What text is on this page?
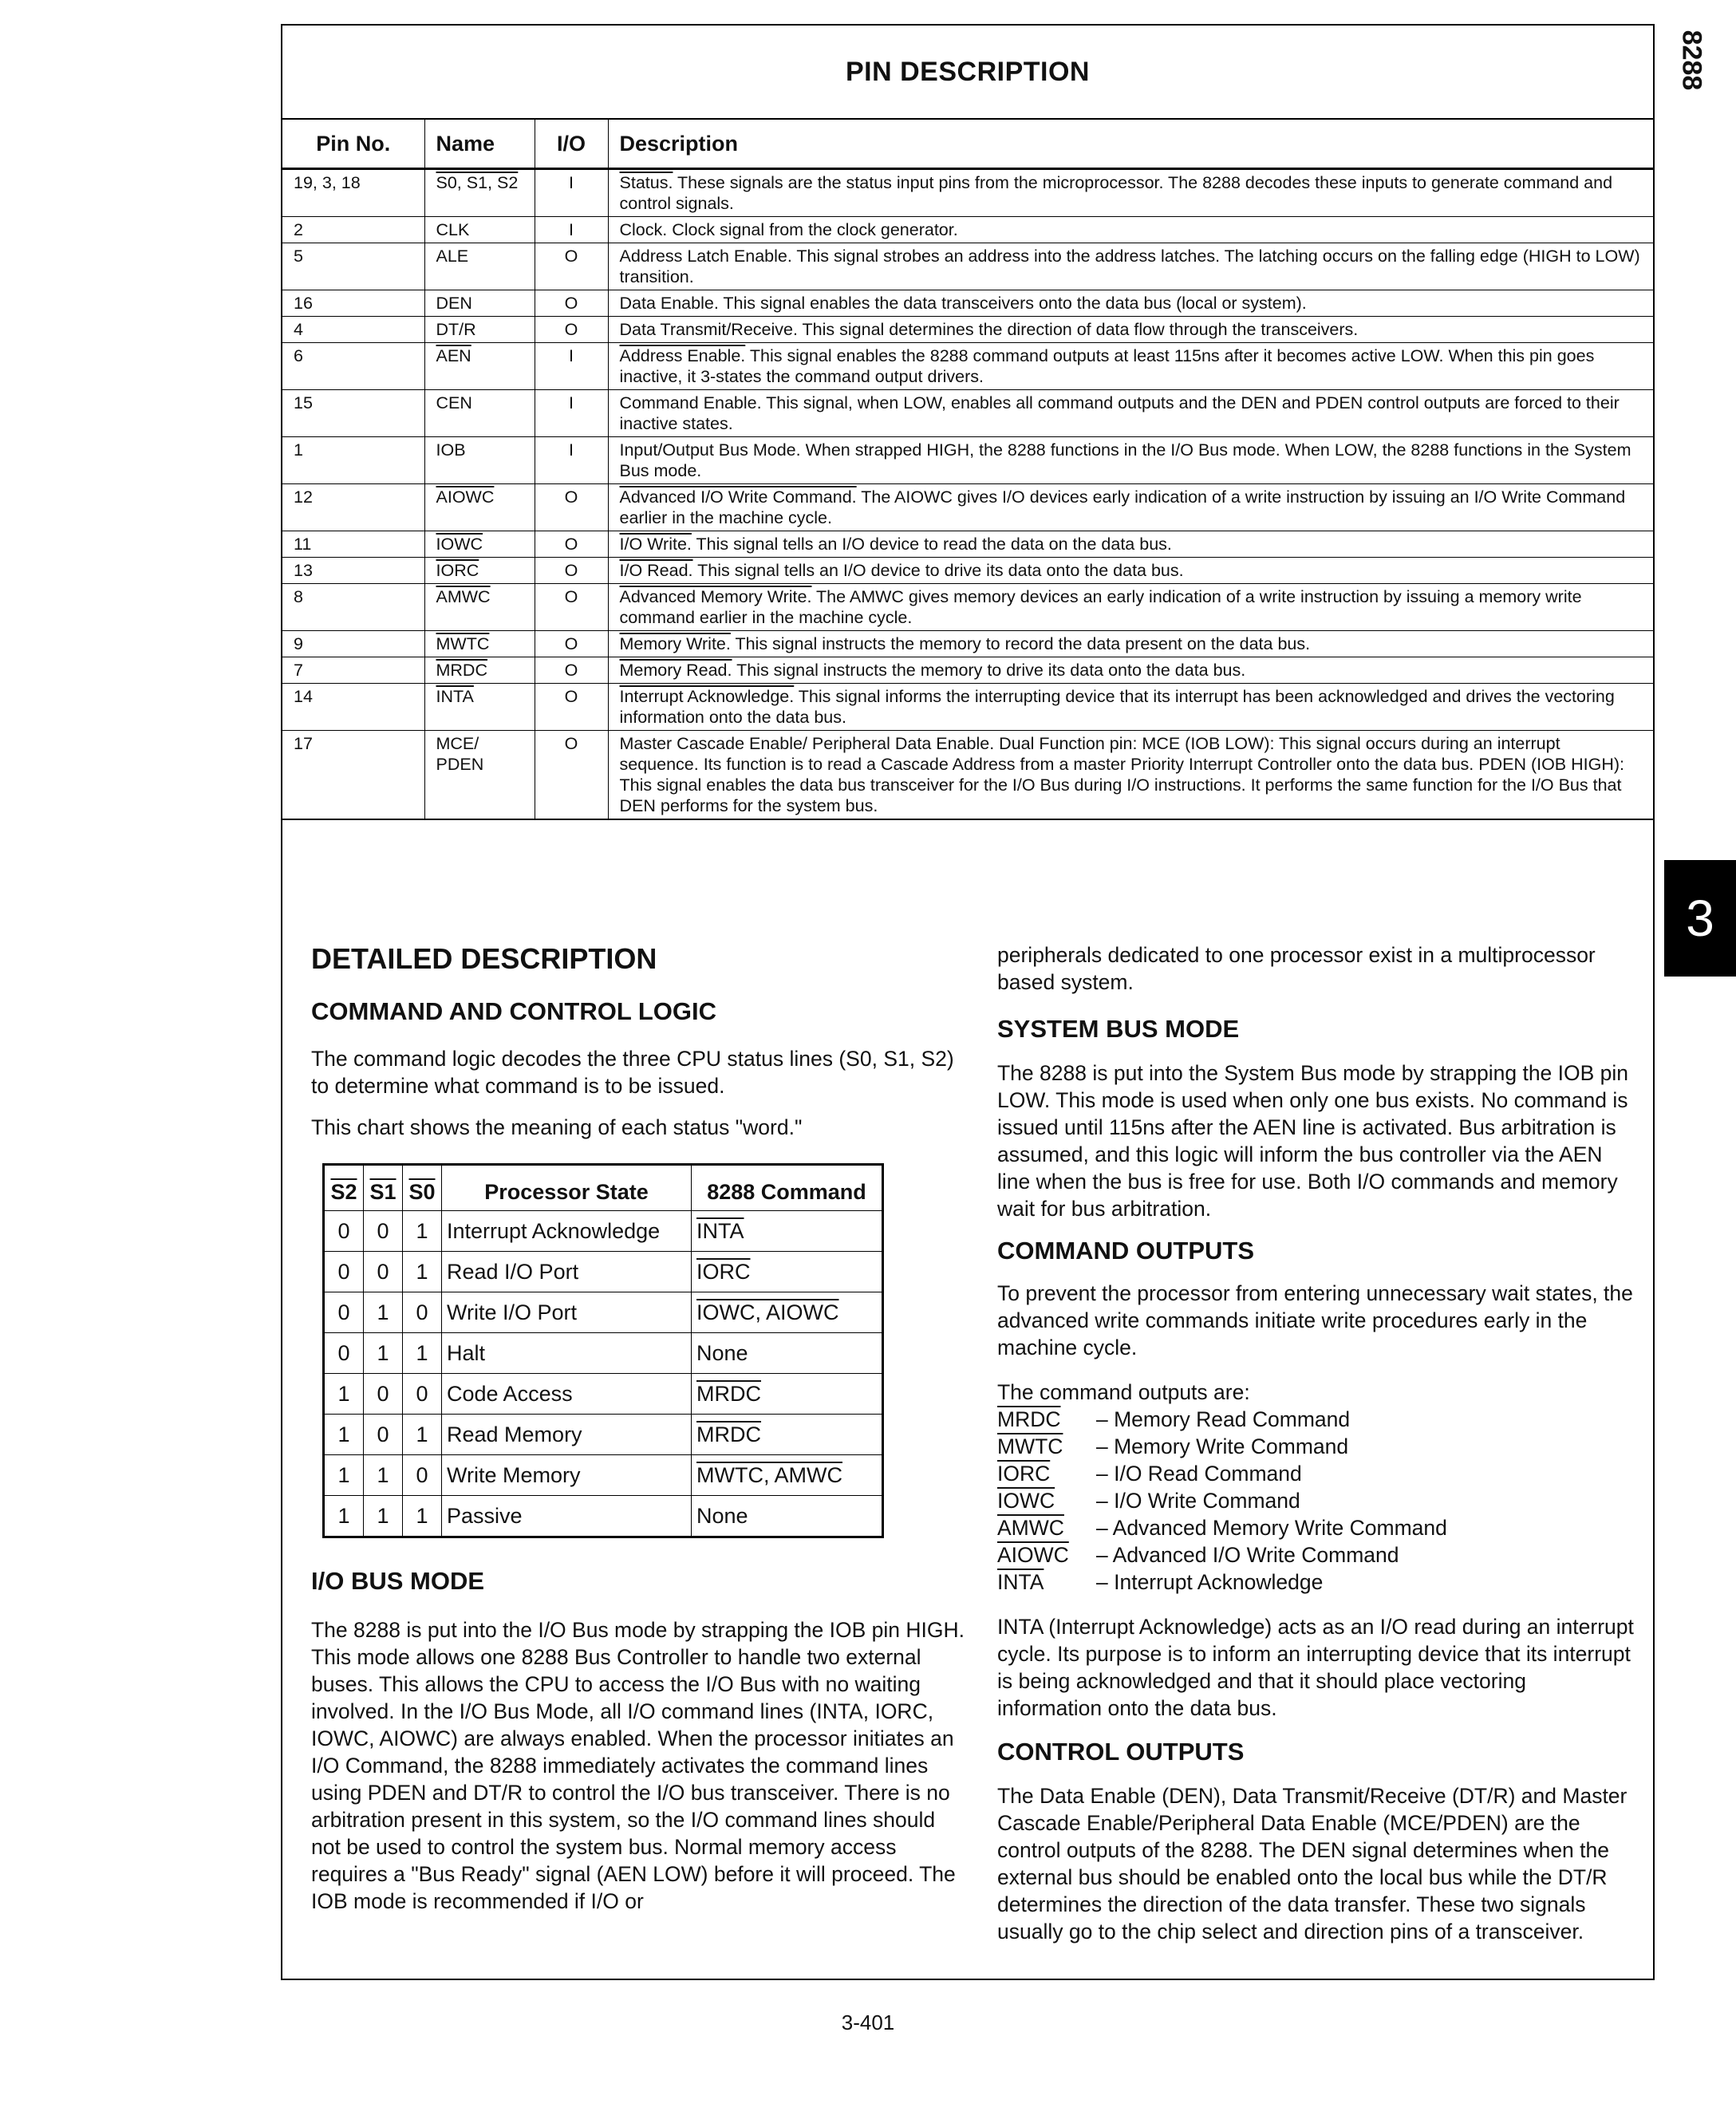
8288
3
PIN DESCRIPTION
Pin No.	Name	I/O	Description
19, 3, 18	S0, S1, S2	I	Status. These signals are the status input pins from the microprocessor. The 8288 decodes these inputs to generate command and control signals.
2	CLK	I	Clock. Clock signal from the clock generator.
5	ALE	O	Address Latch Enable. This signal strobes an address into the address latches. The latching occurs on the falling edge (HIGH to LOW) transition.
16	DEN	O	Data Enable. This signal enables the data transceivers onto the data bus (local or system).
4	DT/R	O	Data Transmit/Receive. This signal determines the direction of data flow through the transceivers.
6	$\overline{AEN}$	I	Address Enable. This signal enables the 8288 command outputs at least 115ns after it becomes active LOW. When this pin goes inactive, it 3-states the command output drivers.
15	CEN	I	Command Enable. This signal, when LOW, enables all command outputs and the DEN and PDEN control outputs are forced to their inactive states.
1	IOB	I	Input/Output Bus Mode. When strapped HIGH, the 8288 functions in the I/O Bus mode. When LOW, the 8288 functions in the System Bus mode.
12	AIOWC	O	Advanced I/O Write Command. The AIOWC gives I/O devices early indication of a write instruction by issuing an I/O Write Command earlier in the machine cycle.
11	IOWC	O	I/O Write. This signal tells an I/O device to read the data on the data bus.
13	IORC	O	I/O Read. This signal tells an I/O device to drive its data onto the data bus.
8	AMWC	O	Advanced Memory Write. The AMWC gives memory devices an early indication of a write instruction by issuing a memory write command earlier in the machine cycle.
9	MWTC	O	Memory Write. This signal instructs the memory to record the data present on the data bus.
7	MRDC	O	Memory Read. This signal instructs the memory to drive its data onto the data bus.
14	INTA	O	Interrupt Acknowledge. This signal informs the interrupting device that its interrupt has been acknowledged and drives the vectoring information onto the data bus.
17	MCE/ PDEN	O	Master Cascade Enable/ Peripheral Data Enable. Dual Function pin: MCE (IOB LOW): This signal occurs during an interrupt sequence. Its function is to read a Cascade Address from a master Priority Interrupt Controller onto the data bus. PDEN (IOB HIGH): This signal enables the data bus transceiver for the I/O Bus during I/O instructions. It performs the same function for the I/O Bus that DEN performs for the system bus.

DETAILED DESCRIPTION

COMMAND AND CONTROL LOGIC

The command logic decodes the three CPU status lines (S0, S1, S2) to determine what command is to be issued.

This chart shows the meaning of each status "word."

S2	S1	S0	Processor State	8288 Command
0	0	1	Interrupt Acknowledge	INTA
0	0	1	Read I/O Port	IORC
0	1	0	Write I/O Port	IOWC, AIOWC
0	1	1	Halt	None
1	0	0	Code Access	MRDC
1	0	1	Read Memory	MRDC
1	1	0	Write Memory	MWTC, AMWC
1	1	1	Passive	None

I/O BUS MODE

The 8288 is put into the I/O Bus mode by strapping the IOB pin HIGH. This mode allows one 8288 Bus Controller to handle two external buses. This allows the CPU to access the I/O Bus with no waiting involved. In the I/O Bus Mode, all I/O command lines (INTA, IORC, IOWC, AIOWC) are always enabled. When the processor initiates an I/O Command, the 8288 immediately activates the command lines using PDEN and DT/R to control the I/O bus transceiver. There is no arbitration present in this system, so the I/O command lines should not be used to control the system bus. Normal memory access requires a "Bus Ready" signal (AEN LOW) before it will proceed. The IOB mode is recommended if I/O or

peripherals dedicated to one processor exist in a multiprocessor based system.

SYSTEM BUS MODE

The 8288 is put into the System Bus mode by strapping the IOB pin LOW. This mode is used when only one bus exists. No command is issued until 115ns after the AEN line is activated. Bus arbitration is assumed, and this logic will inform the bus controller via the AEN line when the bus is free for use. Both I/O commands and memory wait for bus arbitration.

COMMAND OUTPUTS

To prevent the processor from entering unnecessary wait states, the advanced write commands initiate write procedures early in the machine cycle.

The command outputs are:

MRDC	– Memory Read Command
MWTC	– Memory Write Command
IORC	– I/O Read Command
IOWC	– I/O Write Command
AMWC	– Advanced Memory Write Command
AIOWC	– Advanced I/O Write Command
INTA	– Interrupt Acknowledge

INTA (Interrupt Acknowledge) acts as an I/O read during an interrupt cycle. Its purpose is to inform an interrupting device that its interrupt is being acknowledged and that it should place vectoring information onto the data bus.

CONTROL OUTPUTS

The Data Enable (DEN), Data Transmit/Receive (DT/R) and Master Cascade Enable/Peripheral Data Enable (MCE/PDEN) are the control outputs of the 8288. The DEN signal determines when the external bus should be enabled onto the local bus while the DT/R determines the direction of the data transfer. These two signals usually go to the chip select and direction pins of a transceiver.

3-401
